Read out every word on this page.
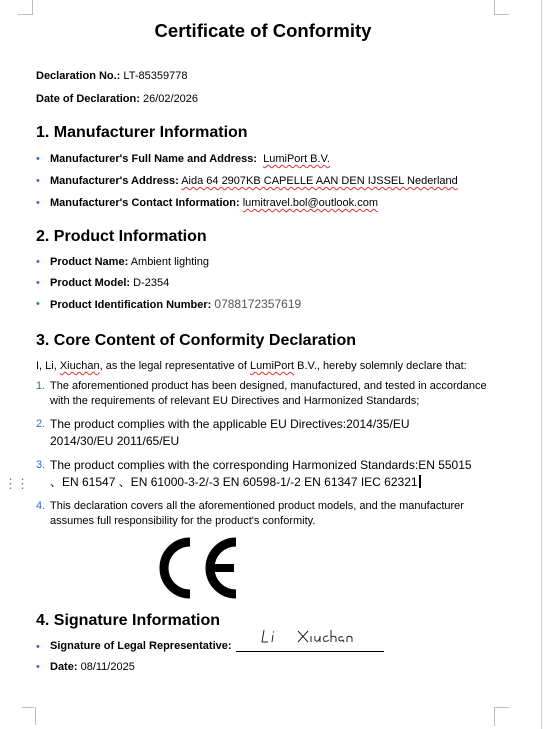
⋮⋮
Certificate of Conformity
Declaration No.: LT-85359778
Date of Declaration: 26/02/2026
1. Manufacturer Information
• Manufacturer's Full Name and Address: LumiPort B.V.
• Manufacturer's Address: Aida 64 2907KB CAPELLE AAN DEN IJSSEL Nederland
• Manufacturer's Contact Information: lumitravel.bol@outlook.com
2. Product Information
• Product Name: Ambient lighting
• Product Model: D-2354
• Product Identification Number: 0788172357619
3. Core Content of Conformity Declaration
I, Li, Xiuchan, as the legal representative of LumiPort B.V., hereby solemnly declare that:
1. The aforementioned product has been designed, manufactured, and tested in accordance with the requirements of relevant EU Directives and Harmonized Standards;
2. The product complies with the applicable EU Directives:2014/35/EU 2014/30/EU 2011/65/EU
3. The product complies with the corresponding Harmonized Standards:EN 55015 、EN 61547 、EN 61000-3-2/-3 EN 60598-1/-2 EN 61347 IEC 62321
4. This declaration covers all the aforementioned product models, and the manufacturer assumes full responsibility for the product's conformity.
4. Signature Information
• Signature of Legal Representative:
• Date: 08/11/2025
